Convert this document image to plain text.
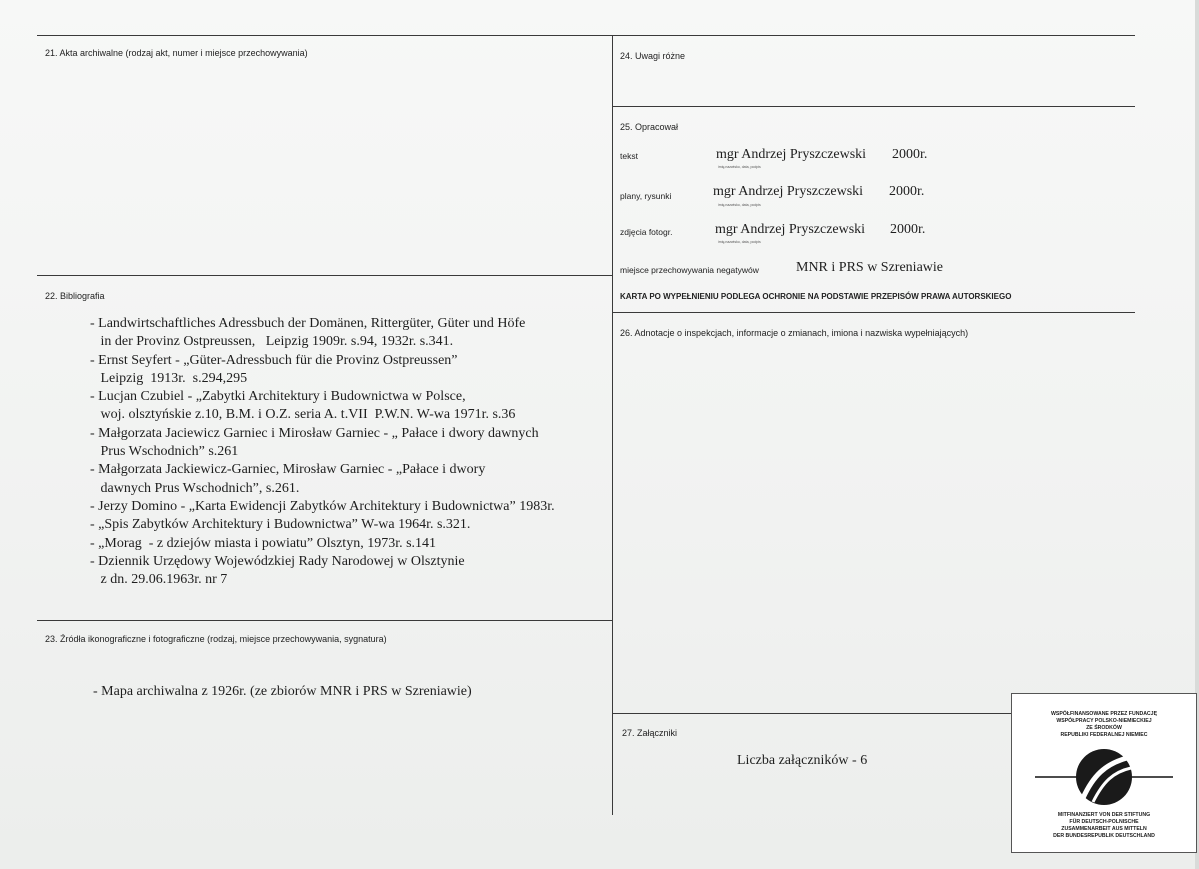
21. Akta archiwalne (rodzaj akt, numer i miejsce przechowywania)
22. Bibliografia
- Landwirtschaftliches Adressbuch der Domänen, Rittergüter, Güter und Höfe
in der Provinz Ostpreussen,   Leipzig 1909r. s.94, 1932r. s.341.
- Ernst Seyfert - „Güter-Adressbuch für die Provinz Ostpreussen”
Leipzig  1913r.  s.294,295
- Lucjan Czubiel - „Zabytki Architektury i Budownictwa w Polsce,
woj. olsztyńskie z.10, B.M. i O.Z. seria A. t.VII  P.W.N. W-wa 1971r. s.36
- Małgorzata Jaciewicz Garniec i Mirosław Garniec - „ Pałace i dwory dawnych
Prus Wschodnich” s.261
- Małgorzata Jackiewicz-Garniec, Mirosław Garniec - „Pałace i dwory
dawnych Prus Wschodnich”, s.261.
- Jerzy Domino - „Karta Ewidencji Zabytków Architektury i Budownictwa” 1983r.
- „Spis Zabytków Architektury i Budownictwa” W-wa 1964r. s.321.
- „Morag  - z dziejów miasta i powiatu” Olsztyn, 1973r. s.141
- Dziennik Urzędowy Wojewódzkiej Rady Narodowej w Olsztynie
z dn. 29.06.1963r. nr 7
23. Źródła ikonograficzne i fotograficzne (rodzaj, miejsce przechowywania, sygnatura)
- Mapa archiwalna z 1926r. (ze zbiorów MNR i PRS w Szreniawie)
24. Uwagi różne
25. Opracował
tekst	mgr Andrzej Pryszczewski 2000r.
imię,nazwisko, data, podpis
plany, rysunki	mgr Andrzej Pryszczewski 2000r.
imię,nazwisko, data, podpis
zdjęcia fotogr.	mgr Andrzej Pryszczewski 2000r.
imię,nazwisko, data, podpis
miejsce przechowywania negatywów	MNR i PRS w Szreniawie
KARTA PO WYPEŁNIENIU PODLEGA OCHRONIE NA PODSTAWIE PRZEPISÓW PRAWA AUTORSKIEGO
26. Adnotacje o inspekcjach, informacje o zmianach, imiona i nazwiska wypełniających)
27. Załączniki
Liczba załączników - 6
WSPÓŁFINANSOWANE PRZEZ FUNDACJĘ
WSPÓŁPRACY POLSKO-NIEMIECKIEJ
ZE ŚRODKÓW
REPUBLIKI FEDERALNEJ NIEMIEC
MITFINANZIERT VON DER STIFTUNG
FÜR DEUTSCH-POLNISCHE
ZUSAMMENARBEIT AUS MITTELN
DER BUNDESREPUBLIK DEUTSCHLAND
